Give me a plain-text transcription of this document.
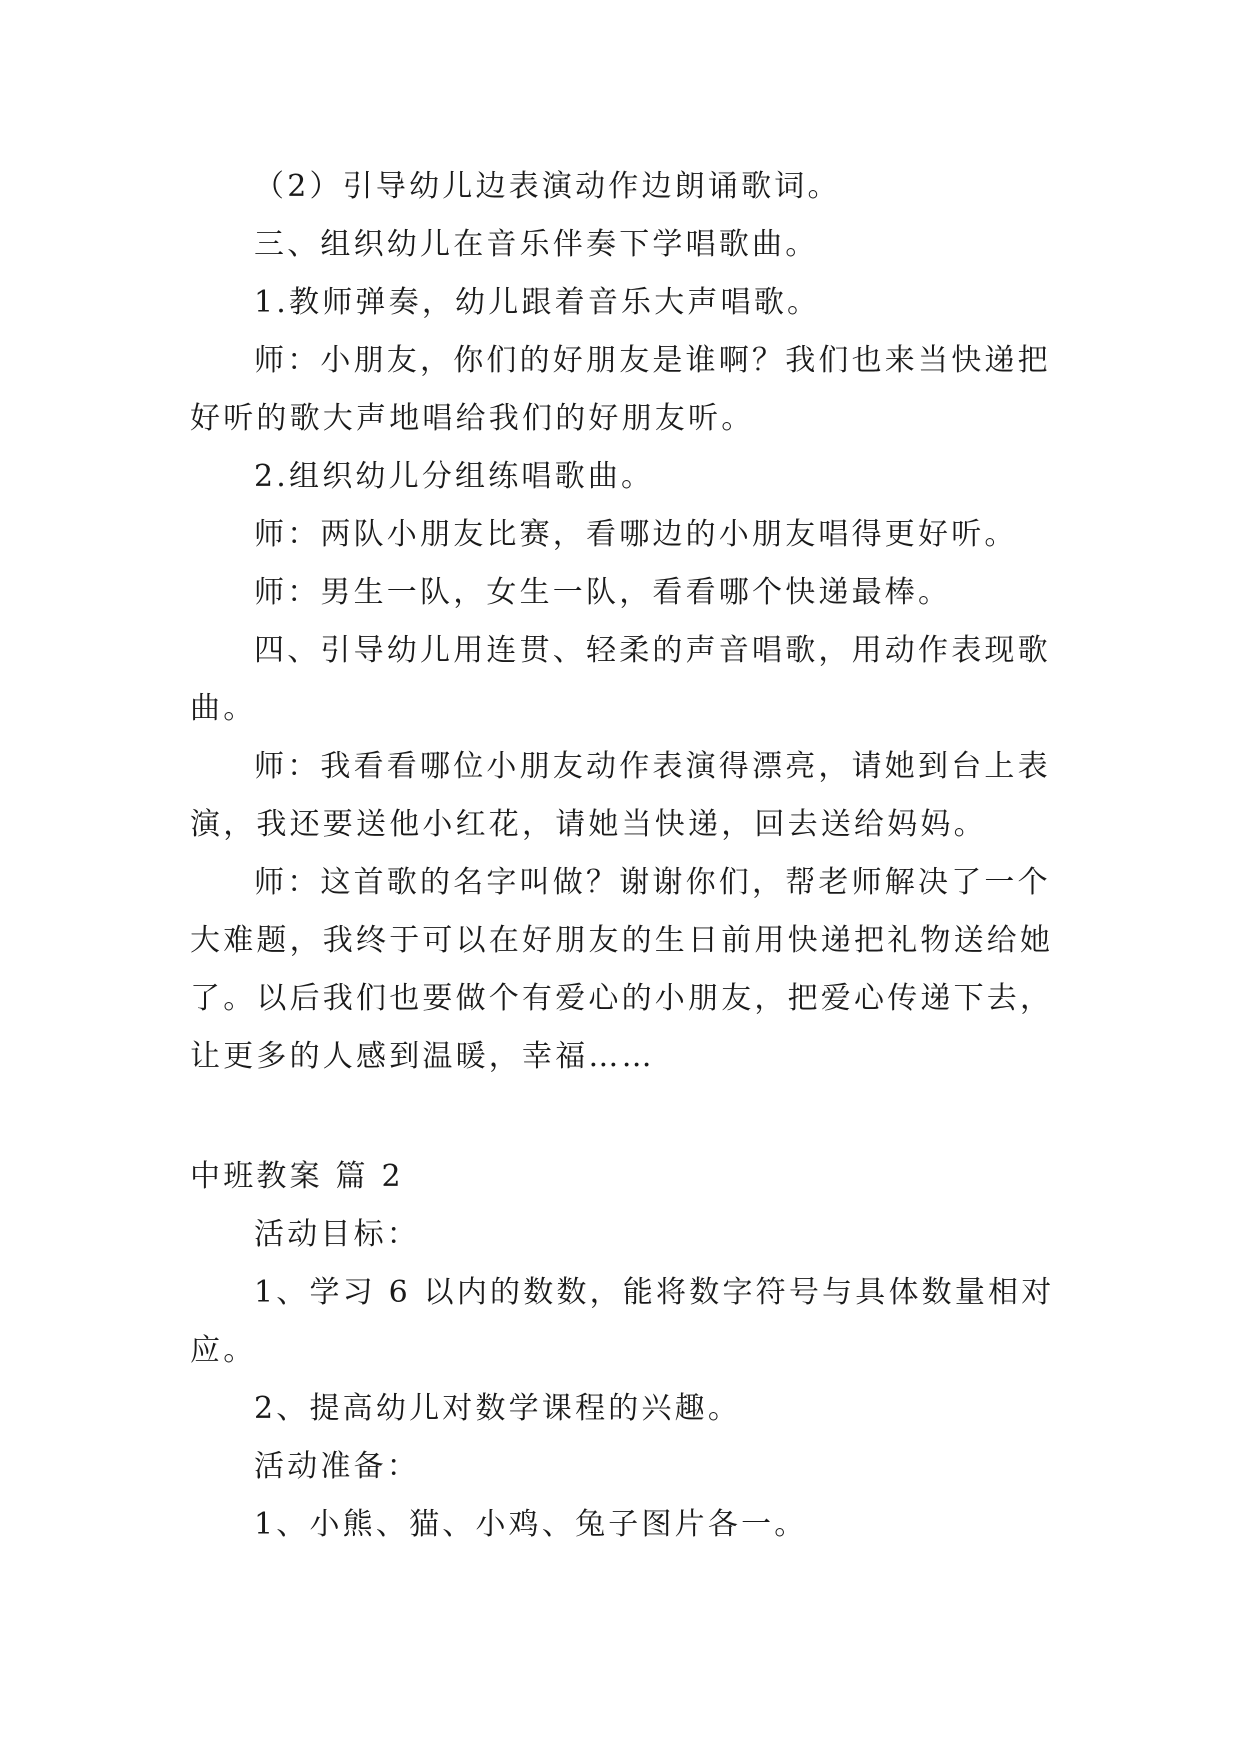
（2）引导幼儿边表演动作边朗诵歌词。

三、组织幼儿在音乐伴奏下学唱歌曲。

1.教师弹奏，幼儿跟着音乐大声唱歌。

师：小朋友，你们的好朋友是谁啊？我们也来当快递把好听的歌大声地唱给我们的好朋友听。

2.组织幼儿分组练唱歌曲。

师：两队小朋友比赛，看哪边的小朋友唱得更好听。

师：男生一队，女生一队，看看哪个快递最棒。

四、引导幼儿用连贯、轻柔的声音唱歌，用动作表现歌曲。

师：我看看哪位小朋友动作表演得漂亮，请她到台上表演，我还要送他小红花，请她当快递，回去送给妈妈。

师：这首歌的名字叫做？谢谢你们，帮老师解决了一个大难题，我终于可以在好朋友的生日前用快递把礼物送给她了。以后我们也要做个有爱心的小朋友，把爱心传递下去，让更多的人感到温暖，幸福……

中班教案 篇 2

活动目标：

1、学习 6 以内的数数，能将数字符号与具体数量相对应。

2、提高幼儿对数学课程的兴趣。

活动准备：

1、小熊、猫、小鸡、兔子图片各一。
